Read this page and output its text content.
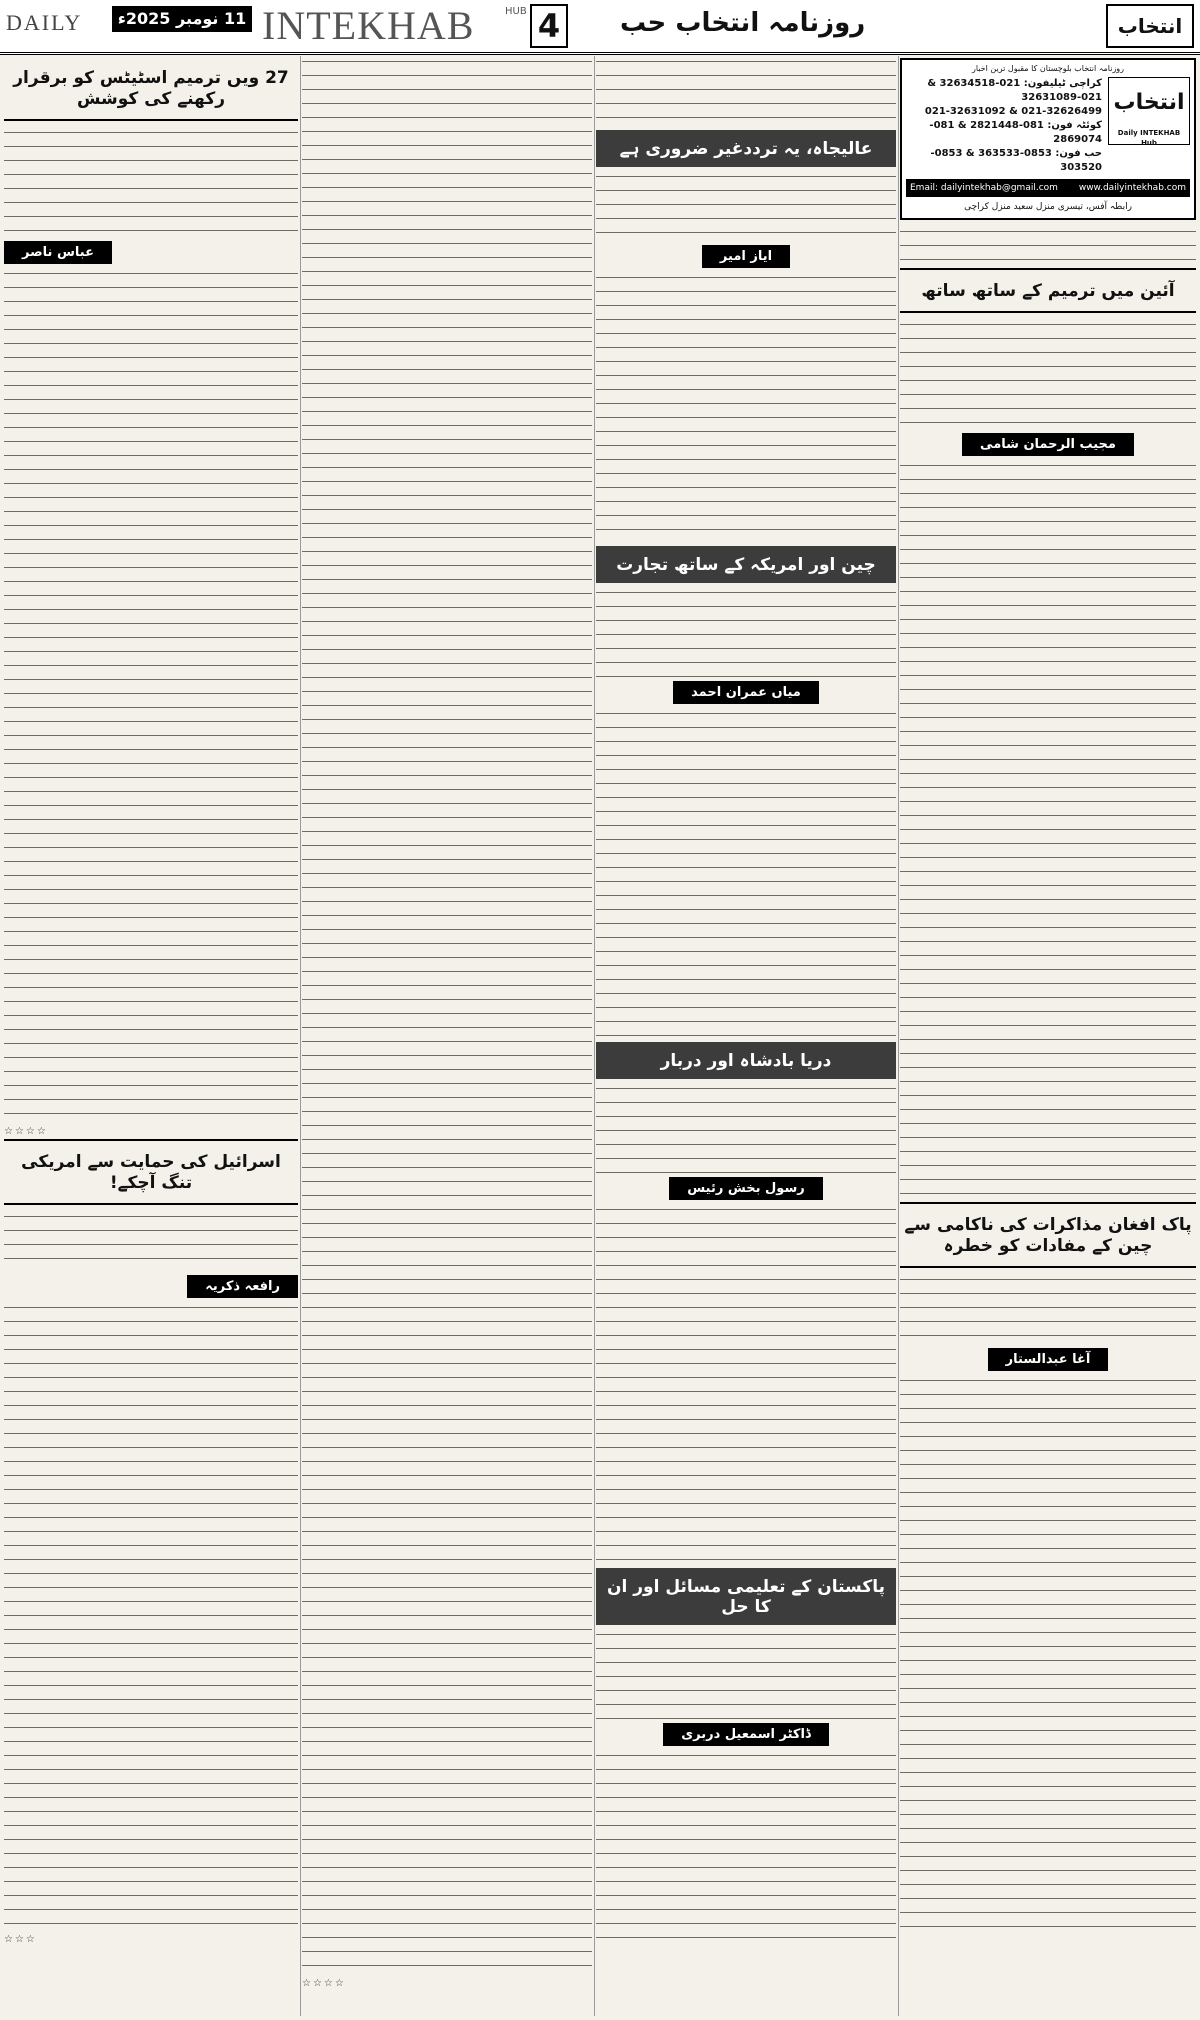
DAILY	11 نومبر 2025ء INTEKHAB	HUB 4	روزنامہ انتخاب حب	انتخاب
27 ویں ترمیم اسٹیٹس کو برقرار رکھنے کی کوشش
عباس ناصر
☆☆☆☆
اسرائیل کی حمایت سے امریکی تنگ آچکے!
رافعہ ذکریہ
☆☆☆
☆☆☆☆
عالیجاہ، یہ ترددغیر ضروری ہے
ایاز امیر
چین اور امریکہ کے ساتھ تجارت
میاں عمران احمد
دریا بادشاہ اور دربار
رسول بخش رئیس
پاکستان کے تعلیمی مسائل اور ان کا حل
ڈاکٹر اسمعیل دربری
روزنامہ انتخاب بلوچستان کا مقبول ترین اخبار
انتخاب
Daily INTEKHAB Hub
کراچی ٹیلیفون: 021-32634518 & 021-32631089
021-32626499 & 021-32631092
کوئٹہ فون: 081-2821448 & 081-2869074
حب فون: 0853-363533 & 0853-303520
Email: dailyintekhab@gmail.com www.dailyintekhab.com
رابطہ آفس، تیسری منزل سعید منزل کراچی
آئین میں ترمیم کے ساتھ ساتھ
مجیب الرحمان شامی
پاک افغان مذاکرات کی ناکامی سے چین کے مفادات کو خطرہ
آغا عبدالستار
